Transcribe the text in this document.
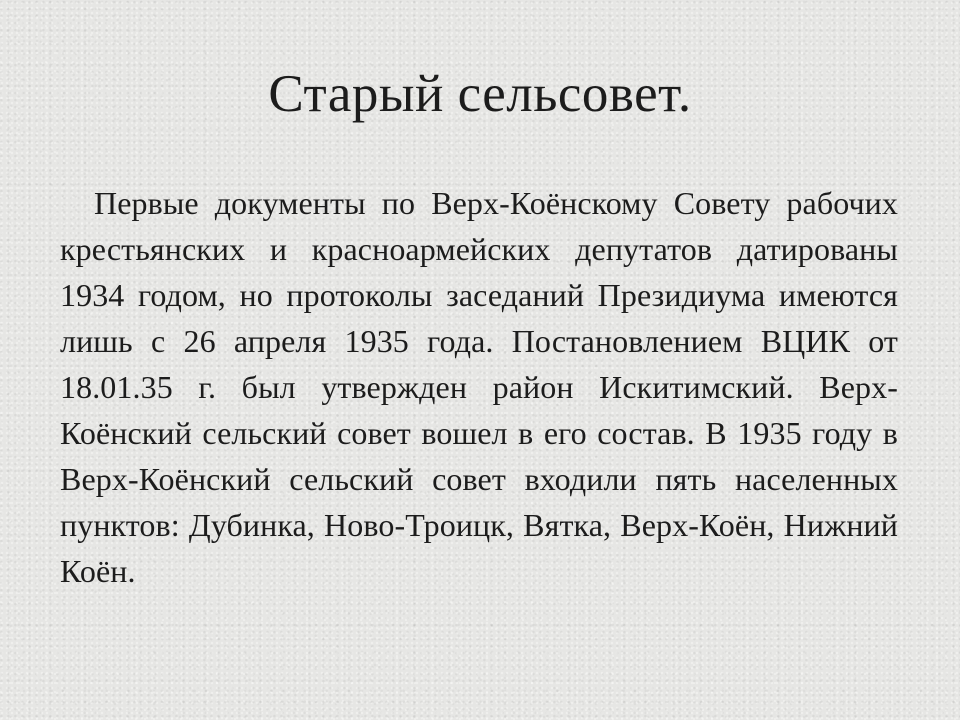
Старый сельсовет.

Первые документы по Верх-Коёнскому Совету рабочих крестьянских и красноармейских депутатов датированы 1934 годом, но протоколы заседаний Президиума имеются лишь с 26 апреля 1935 года. Постановлением ВЦИК от 18.01.35 г. был утвержден район Искитимский. Верх-Коёнский сельский совет вошел в его состав. В 1935 году в Верх-Коёнский сельский совет входили пять населенных пунктов: Дубинка, Ново-Троицк, Вятка, Верх-Коён, Нижний Коён.
